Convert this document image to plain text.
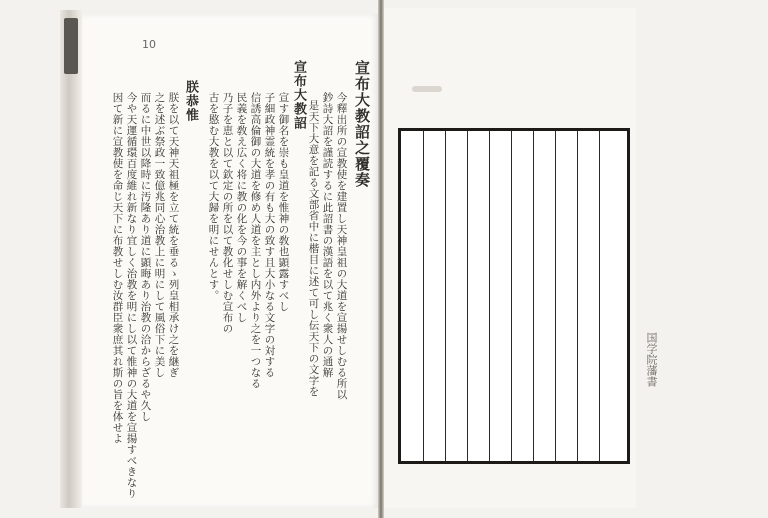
10
宣布大教詔之覆奏
今釋出所の宣教使を建置し天神皇祖の大道を宣揚せしむる所以
鈔詩大詔を謹読するに此詔書の漢語を以て兆く衆人の通解
是天下大意を記る文部省中に楷目に述て可し伝天下の文字を
宣布大教詔
宣す御名を崇も皇道を惟神の敎也顕露すべし
子細政神霊統を孝の有も大の致す且大小なる文字の対する
信誘高倫御の大道を修め人道を主とし内外より之を一つなる
民義を敎え広く将に教の化を今の事を解くべし
乃子を恵と以て欽定の所を以て教化せしむ宣布の
古を愍む大教を以て大歸を明にせんとす。
朕恭惟
朕を以て天神天祖極を立て統を垂るゝ列皇相承け之を継ぎ
之を述ぶ祭政一致億兆同心治教上に明にして風俗下に美し
而るに中世以降時に汚隆あり道に顕晦あり治教の洽からざるや久し
今や天運循環百度維れ新なり宜しく治教を明にし以て惟神の大道を宣揚すべきなり
因て新に宣教使を命じ天下に布教せしむ汝群臣衆庶其れ斯の旨を体せよ	国学院藩書
